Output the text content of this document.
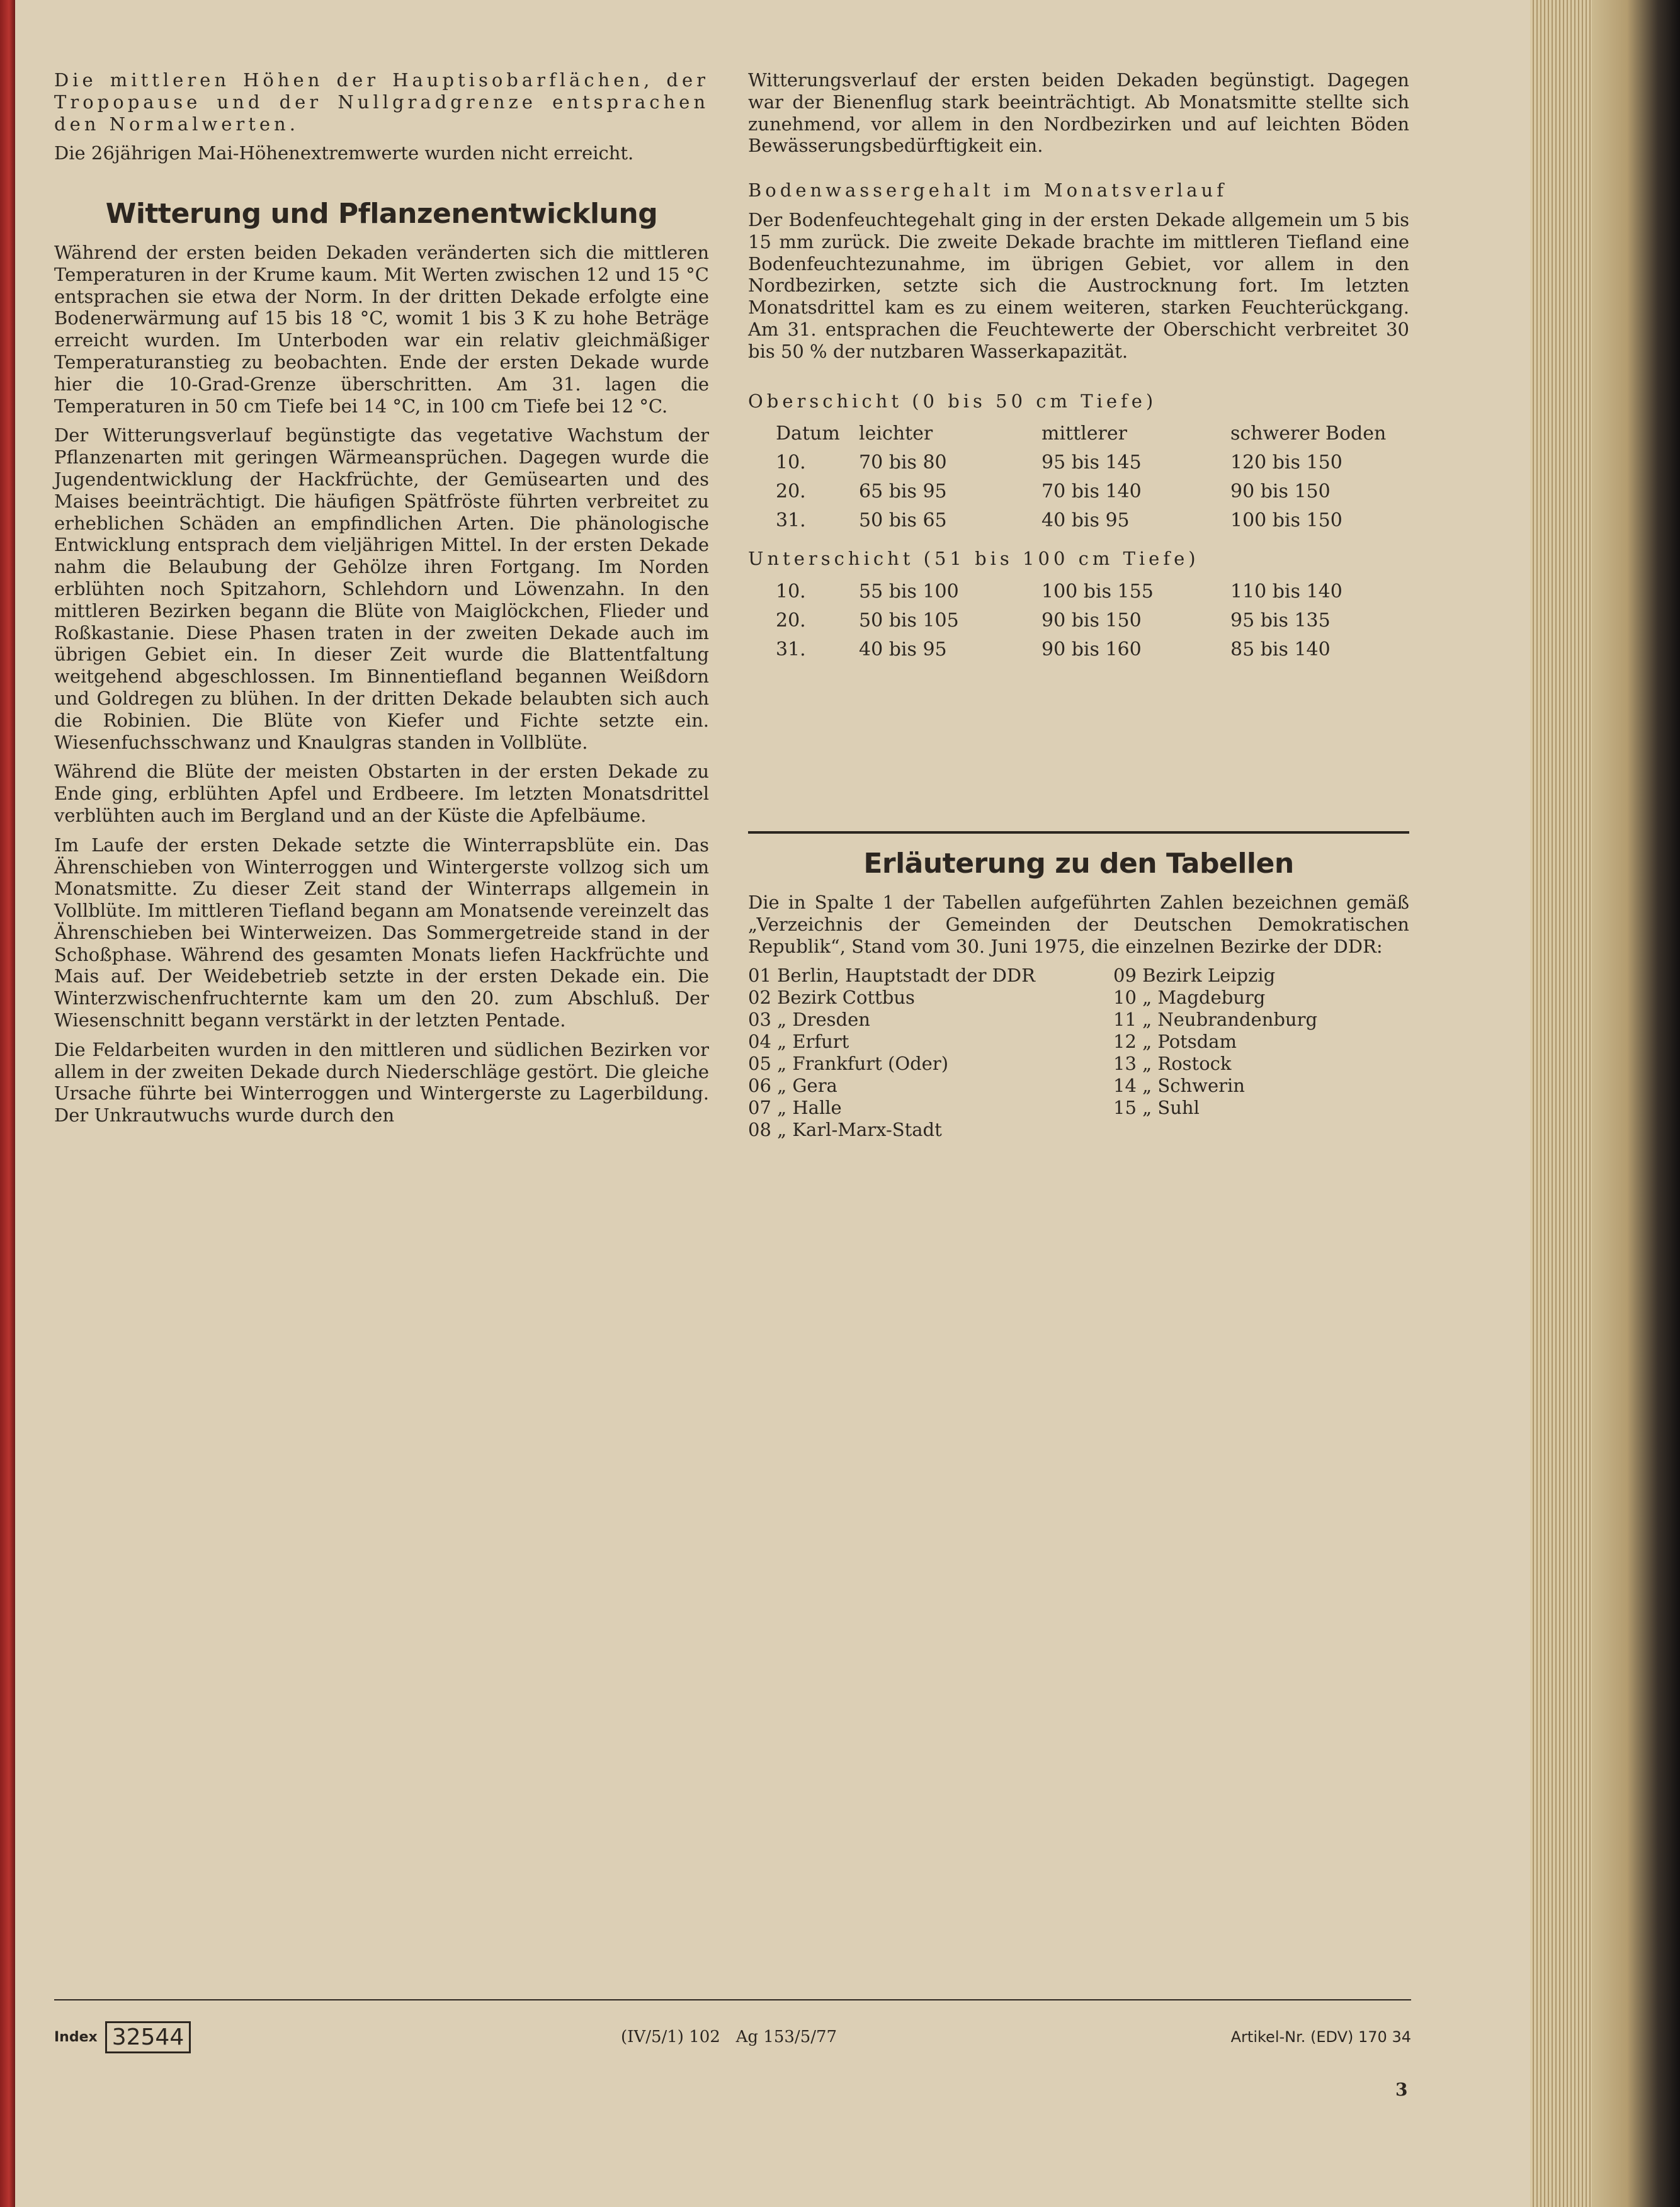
Die mittleren Höhen der Hauptisobarflächen, der Tropopause und der Nullgradgrenze entsprachen den Normalwerten.

Die 26jährigen Mai-Höhenextremwerte wurden nicht erreicht.

Witterung und Pflanzenentwicklung

Während der ersten beiden Dekaden veränderten sich die mittleren Temperaturen in der Krume kaum. Mit Werten zwischen 12 und 15 °C entsprachen sie etwa der Norm. In der dritten Dekade erfolgte eine Bodenerwärmung auf 15 bis 18 °C, womit 1 bis 3 K zu hohe Beträge erreicht wurden. Im Unterboden war ein relativ gleichmäßiger Temperaturanstieg zu beobachten. Ende der ersten Dekade wurde hier die 10-Grad-Grenze überschritten. Am 31. lagen die Temperaturen in 50 cm Tiefe bei 14 °C, in 100 cm Tiefe bei 12 °C.

Der Witterungsverlauf begünstigte das vegetative Wachstum der Pflanzenarten mit geringen Wärmeansprüchen. Dagegen wurde die Jugendentwicklung der Hackfrüchte, der Gemüsearten und des Maises beeinträchtigt. Die häufigen Spätfröste führten verbreitet zu erheblichen Schäden an empfindlichen Arten. Die phänologische Entwicklung entsprach dem vieljährigen Mittel. In der ersten Dekade nahm die Belaubung der Gehölze ihren Fortgang. Im Norden erblühten noch Spitzahorn, Schlehdorn und Löwenzahn. In den mittleren Bezirken begann die Blüte von Maiglöckchen, Flieder und Roßkastanie. Diese Phasen traten in der zweiten Dekade auch im übrigen Gebiet ein. In dieser Zeit wurde die Blattentfaltung weitgehend abgeschlossen. Im Binnentiefland begannen Weißdorn und Goldregen zu blühen. In der dritten Dekade belaubten sich auch die Robinien. Die Blüte von Kiefer und Fichte setzte ein. Wiesenfuchsschwanz und Knaulgras standen in Vollblüte.

Während die Blüte der meisten Obstarten in der ersten Dekade zu Ende ging, erblühten Apfel und Erdbeere. Im letzten Monatsdrittel verblühten auch im Bergland und an der Küste die Apfelbäume.

Im Laufe der ersten Dekade setzte die Winterrapsblüte ein. Das Ährenschieben von Winterroggen und Wintergerste vollzog sich um Monatsmitte. Zu dieser Zeit stand der Winterraps allgemein in Vollblüte. Im mittleren Tiefland begann am Monatsende vereinzelt das Ährenschieben bei Winterweizen. Das Sommergetreide stand in der Schoßphase. Während des gesamten Monats liefen Hackfrüchte und Mais auf. Der Weidebetrieb setzte in der ersten Dekade ein. Die Winterzwischenfruchternte kam um den 20. zum Abschluß. Der Wiesenschnitt begann verstärkt in der letzten Pentade.

Die Feldarbeiten wurden in den mittleren und südlichen Bezirken vor allem in der zweiten Dekade durch Niederschläge gestört. Die gleiche Ursache führte bei Winterroggen und Wintergerste zu Lagerbildung. Der Unkrautwuchs wurde durch den

Witterungsverlauf der ersten beiden Dekaden begünstigt. Dagegen war der Bienenflug stark beeinträchtigt. Ab Monatsmitte stellte sich zunehmend, vor allem in den Nordbezirken und auf leichten Böden Bewässerungsbedürftigkeit ein.

Bodenwassergehalt im Monatsverlauf

Der Bodenfeuchtegehalt ging in der ersten Dekade allgemein um 5 bis 15 mm zurück. Die zweite Dekade brachte im mittleren Tiefland eine Bodenfeuchtezunahme, im übrigen Gebiet, vor allem in den Nordbezirken, setzte sich die Austrocknung fort. Im letzten Monatsdrittel kam es zu einem weiteren, starken Feuchterückgang. Am 31. entsprachen die Feuchtewerte der Oberschicht verbreitet 30 bis 50 % der nutzbaren Wasserkapazität.

Oberschicht (0 bis 50 cm Tiefe)
Datum	leichter	mittlerer	schwerer Boden
10.	70 bis 80	95 bis 145	120 bis 150
20.	65 bis 95	70 bis 140	90 bis 150
31.	50 bis 65	40 bis 95	100 bis 150
Unterschicht (51 bis 100 cm Tiefe)
10.	55 bis 100	100 bis 155	110 bis 140
20.	50 bis 105	90 bis 150	95 bis 135
31.	40 bis 95	90 bis 160	85 bis 140
Erläuterung zu den Tabellen

Die in Spalte 1 der Tabellen aufgeführten Zahlen bezeichnen gemäß „Verzeichnis der Gemeinden der Deutschen Demokratischen Republik“, Stand vom 30. Juni 1975, die einzelnen Bezirke der DDR:

01 Berlin, Hauptstadt der DDR
02 Bezirk Cottbus
03 „ Dresden
04 „ Erfurt
05 „ Frankfurt (Oder)
06 „ Gera
07 „ Halle
08 „ Karl-Marx-Stadt
09 Bezirk Leipzig
10 „ Magdeburg
11 „ Neubrandenburg
12 „ Potsdam
13 „ Rostock
14 „ Schwerin
15 „ Suhl
Index 32544	(IV/5/1) 102   Ag 153/5/77	Artikel-Nr. (EDV) 170 34
3
